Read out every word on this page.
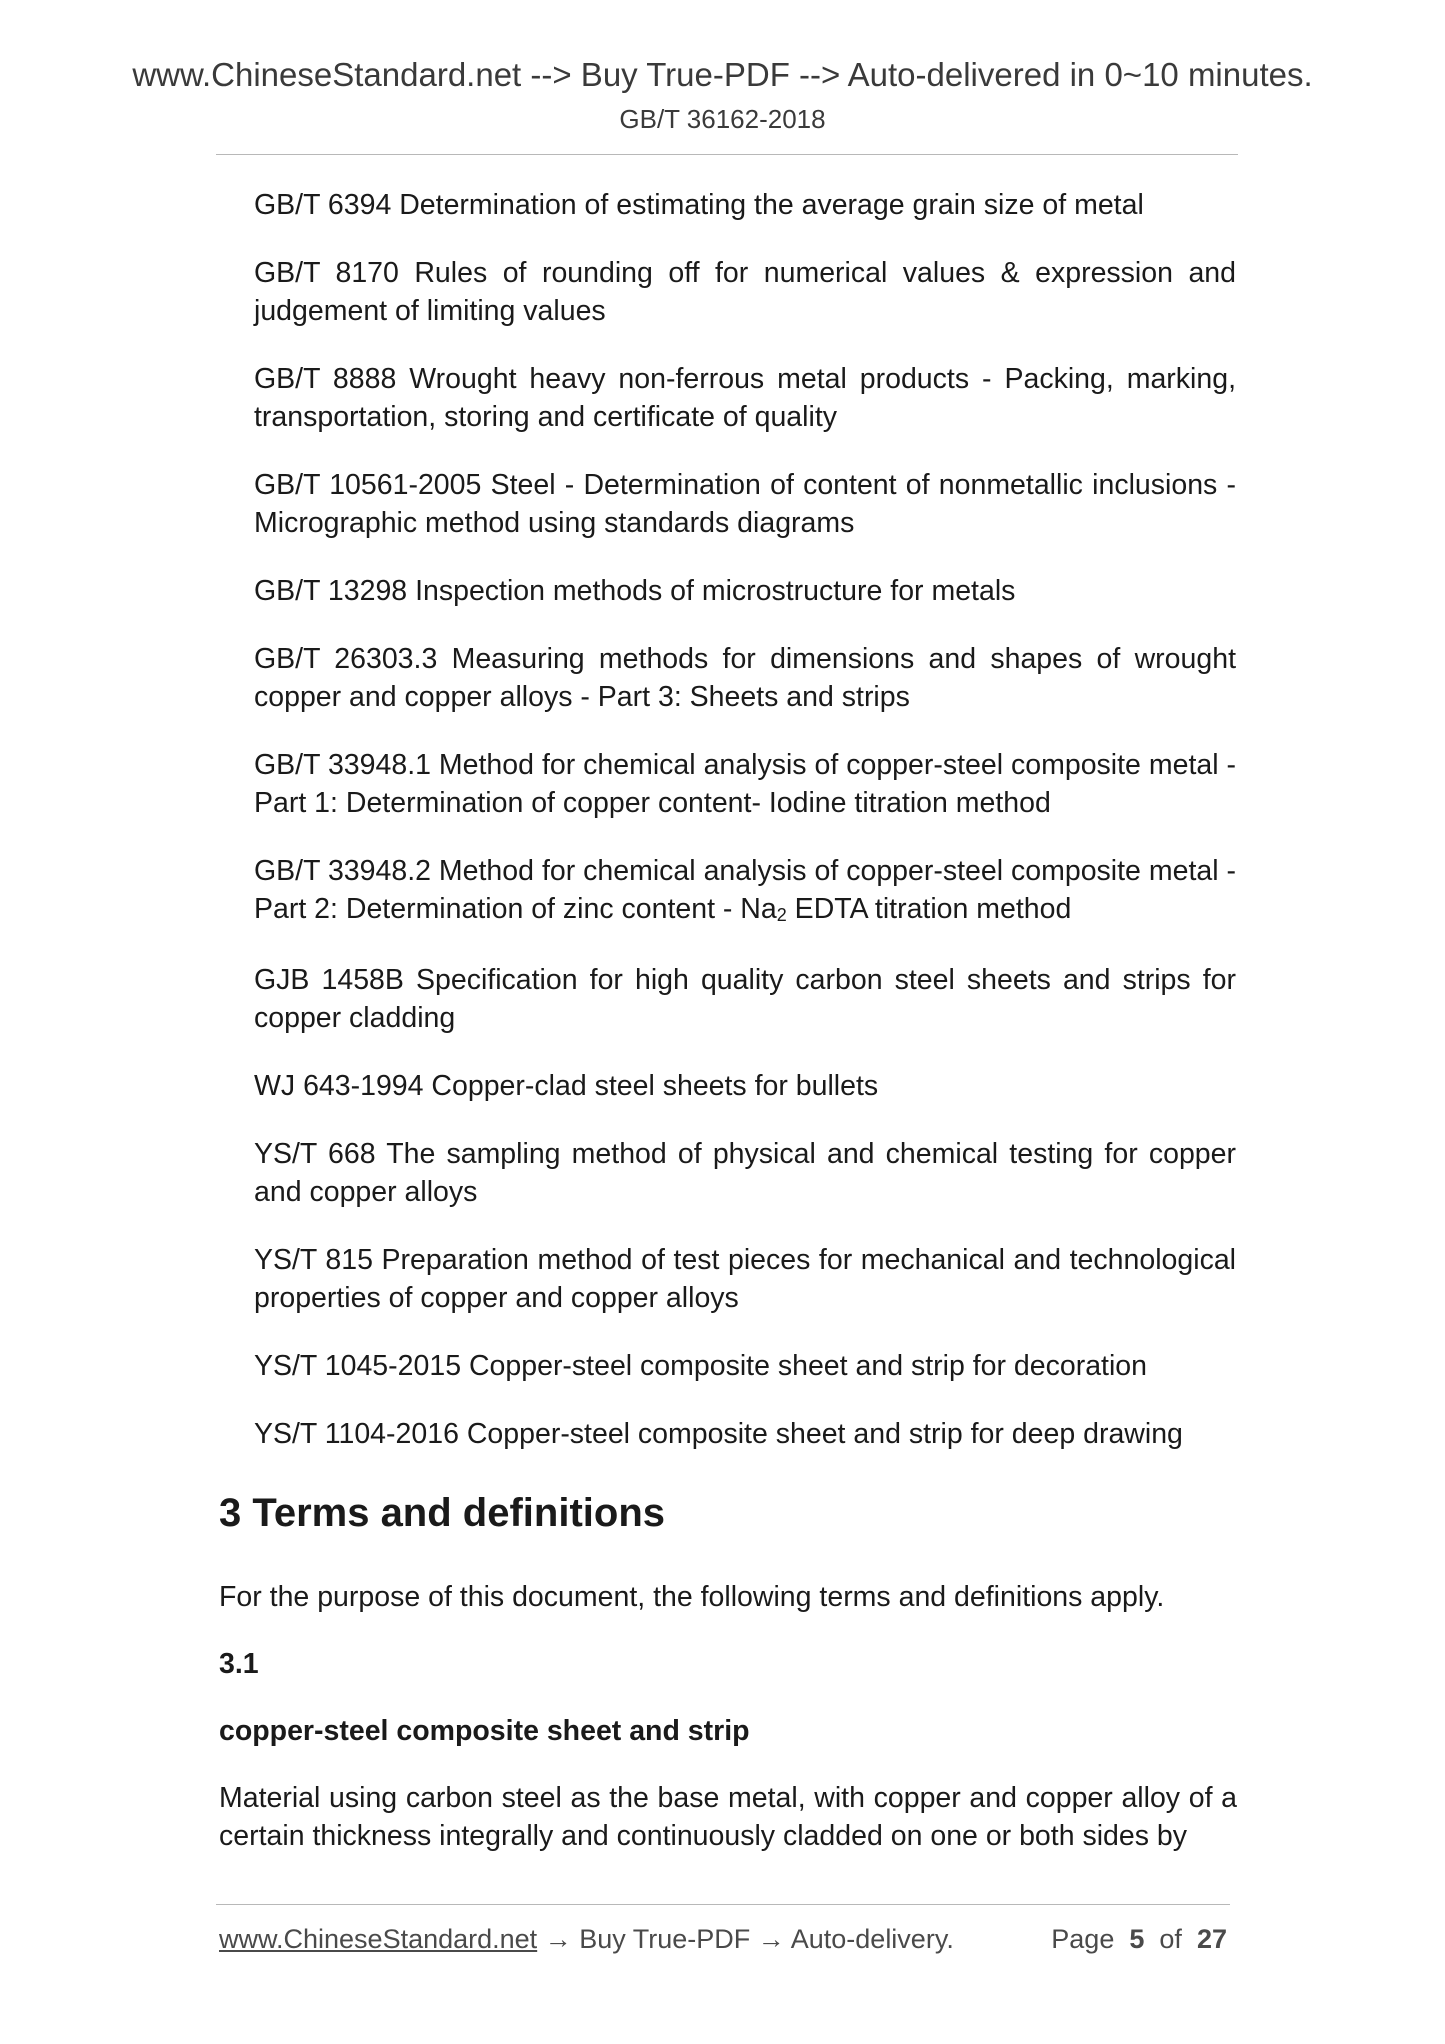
www.ChineseStandard.net --> Buy True-PDF --> Auto-delivered in 0~10 minutes.
GB/T 36162-2018
GB/T 6394 Determination of estimating the average grain size of metal
GB/T 8170 Rules of rounding off for numerical values & expression and judgement of limiting values
GB/T 8888 Wrought heavy non-ferrous metal products - Packing, marking, transportation, storing and certificate of quality
GB/T 10561-2005 Steel - Determination of content of nonmetallic inclusions - Micrographic method using standards diagrams
GB/T 13298 Inspection methods of microstructure for metals
GB/T 26303.3 Measuring methods for dimensions and shapes of wrought copper and copper alloys - Part 3: Sheets and strips
GB/T 33948.1 Method for chemical analysis of copper-steel composite metal - Part 1: Determination of copper content- Iodine titration method
GB/T 33948.2 Method for chemical analysis of copper-steel composite metal - Part 2: Determination of zinc content - $Na_2$ EDTA titration method
GJB 1458B Specification for high quality carbon steel sheets and strips for copper cladding
WJ 643-1994 Copper-clad steel sheets for bullets
YS/T 668 The sampling method of physical and chemical testing for copper and copper alloys
YS/T 815 Preparation method of test pieces for mechanical and technological properties of copper and copper alloys
YS/T 1045-2015 Copper-steel composite sheet and strip for decoration
YS/T 1104-2016 Copper-steel composite sheet and strip for deep drawing
3 Terms and definitions

For the purpose of this document, the following terms and definitions apply.

3.1

copper-steel composite sheet and strip

Material using carbon steel as the base metal, with copper and copper alloy of a certain thickness integrally and continuously cladded on one or both sides by

www.ChineseStandard.net → Buy True-PDF → Auto-delivery.	Page 5 of 27
